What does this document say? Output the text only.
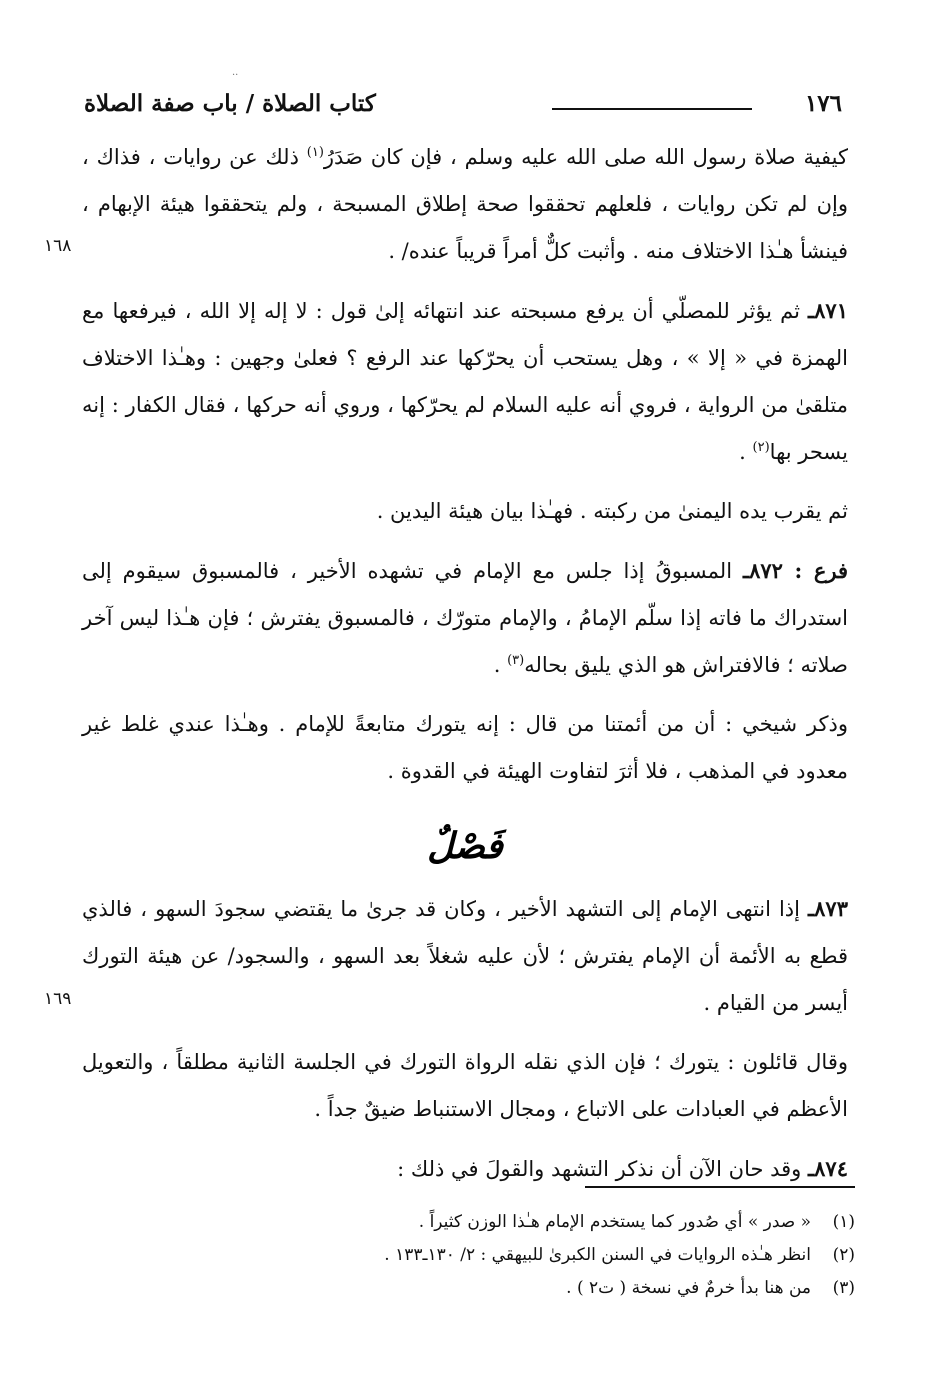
··
١٧٦
كتاب الصلاة / باب صفة الصلاة
١٦٨
١٦٩

كيفية صلاة رسول الله صلى الله عليه وسلم ، فإن كان صَدَرُ$^{(١)}$ ذلك عن روايات ، فذاك ، وإن لم تكن روايات ، فلعلهم تحققوا صحة إطلاق المسبحة ، ولم يتحققوا هيئة الإبهام ، فينشأ هـٰذا الاختلاف منه . وأثبت كلٌّ أمراً قريباً عنده/ .

٨٧١ـ ثم يؤثر للمصلّي أن يرفع مسبحته عند انتهائه إلىٰ قول : لا إله إلا الله ، فيرفعها مع الهمزة في « إلا » ، وهل يستحب أن يحرّكها عند الرفع ؟ فعلىٰ وجهين : وهـٰذا الاختلاف متلقىٰ من الرواية ، فروي أنه عليه السلام لم يحرّكها ، وروي أنه حركها ، فقال الكفار : إنه يسحر بها$^{(٢)}$ .

ثم يقرب يده اليمنىٰ من ركبته . فهـٰذا بيان هيئة اليدين .

فرع : ٨٧٢ـ المسبوقُ إذا جلس مع الإمام في تشهده الأخير ، فالمسبوق سيقوم إلى استدراك ما فاته إذا سلّم الإمامُ ، والإمام متورّك ، فالمسبوق يفترش ؛ فإن هـٰذا ليس آخر صلاته ؛ فالافتراش هو الذي يليق بحاله$^{(٣)}$ .

وذكر شيخي : أن من أئمتنا من قال : إنه يتورك متابعةً للإمام . وهـٰذا عندي غلط غير معدود في المذهب ، فلا أثرَ لتفاوت الهيئة في القدوة .

فَصْلٌ

٨٧٣ـ إذا انتهى الإمام إلى التشهد الأخير ، وكان قد جرىٰ ما يقتضي سجودَ السهو ، فالذي قطع به الأئمة أن الإمام يفترش ؛ لأن عليه شغلاً بعد السهو ، والسجود/ عن هيئة التورك أيسر من القيام .

وقال قائلون : يتورك ؛ فإن الذي نقله الرواة التورك في الجلسة الثانية مطلقاً ، والتعويل الأعظم في العبادات على الاتباع ، ومجال الاستنباط ضيقٌ جداً .

٨٧٤ـ وقد حان الآن أن نذكر التشهد والقولَ في ذلك :

(١)« صدر » أي صُدور كما يستخدم الإمام هـٰذا الوزن كثيراً .
(٢)انظر هـٰذه الروايات في السنن الكبرىٰ للبيهقي : ٢/ ١٣٠ـ١٣٣ .
(٣)من هنا بدأ خرمٌ في نسخة ( ت٢ ) .
